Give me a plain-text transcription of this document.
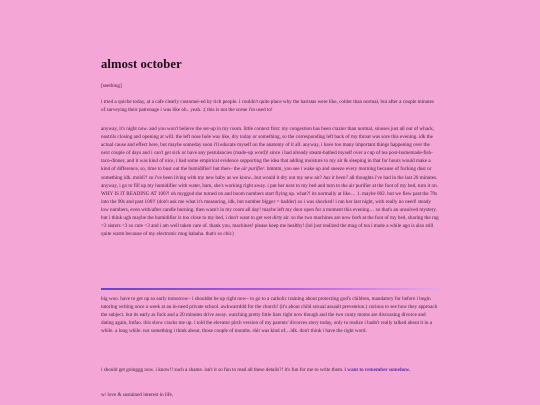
almost october
[seething]
i tried a quiche today, at a cafe clearly customer-ed by rich people. i couldn't quite place why the baristas were like, colder than normal, but after a couple minutes of surveying their patronage i was like oh.. yeah. :( this is not the scene i'm used to!
anyway, it's night now. and you won't believe the set-up in my room. little context first: my congestion has been crazier than normal, sinuses just all out of whack, nostrils closing and opening at will. the left nose hole was like, dry today or something, so the corresponding left back of my throat was sore this evening. idk the actual cause and effect here, but maybe someday soon i'll educate myself on the anatomy of it all. anyway, i have too many important things happening over the next couple of days and i can't get sick or have any pestulancies (made-up word)! since i had already steam-bathed myself over a cup of tea post-homemade-fish-taco-dinner, and it was kind of nice, i had some empirical evidence supporting the idea that adding moisture to my air & sleeping in that for hours would make a kind of difference, so, time to bust out the humidifier! but then– the air purifier. hmmm, you see i wake up and sneeze every morning because of fucking dust or something idk. mold?! so i've been living with my new baby as we know...but would it dry out my new air? has it been? all thoughts i've had in the last 20 minutes. anyway, i go to fill up my humidifier with water, bam, she's working right away. i put her next to my bed and turn to the air purifier at the foot of my bed, turn it on. WHY IS IT READING AT 100?! oh myggod she turned on and boom numbers start flying up. what?! its normally at like… 1. maybe 002. but we flew past the 70s into the 90s and past 100!! (don't ask me what it's measuring, idk, but number bigger = badder) so i was shocked! i ran her last night, with really no need! steady low numbers, even with/after candle burning. then wasn't in my room all day! maybe left my door open for a moment this evening… so that's an unsolved mystery. but i think ugh maybe the humidifier is too close to my bed, i don't want to get wet dirty air. so the two machines are now both at the foot of my bed, sharing the rug <3 sisters <3 so cute <3 and i am well taken care of. thank you, machines! please keep me healthy! (lol just realized the mug of tea i made a while ago is also still quite warm because of my electronic mug hahaha. that's so chic)
big woo. have to get up so early tomorrow– i shouldnt be up right now– to go to a catholic training about protecting god's children, mandatory for before i begin tutoring writing once a week at an in-need private school. awkwarrddd for the church! (it's about child sexual assault prevention.) curious to see how they approach the subject. but its early as fuck and a 20 minutes drive away. watching pretty little liars right now though and the two cunty moms are discussing divorce and dating again, lmfao. this show cracks me up. i told the elevator pitch version of my parents' divorces story today, only to realize i hadn't really talked about it in a while. a long while. not something i think about, those couple of months. shit was kind of…idk. don't think i have the right word.
i should get goinggg now. i know!! such a shame. isn't it so fun to read all these details?! it's fun for me to write them. i want to remember somehow.
w/ love & sustained interest in life,
